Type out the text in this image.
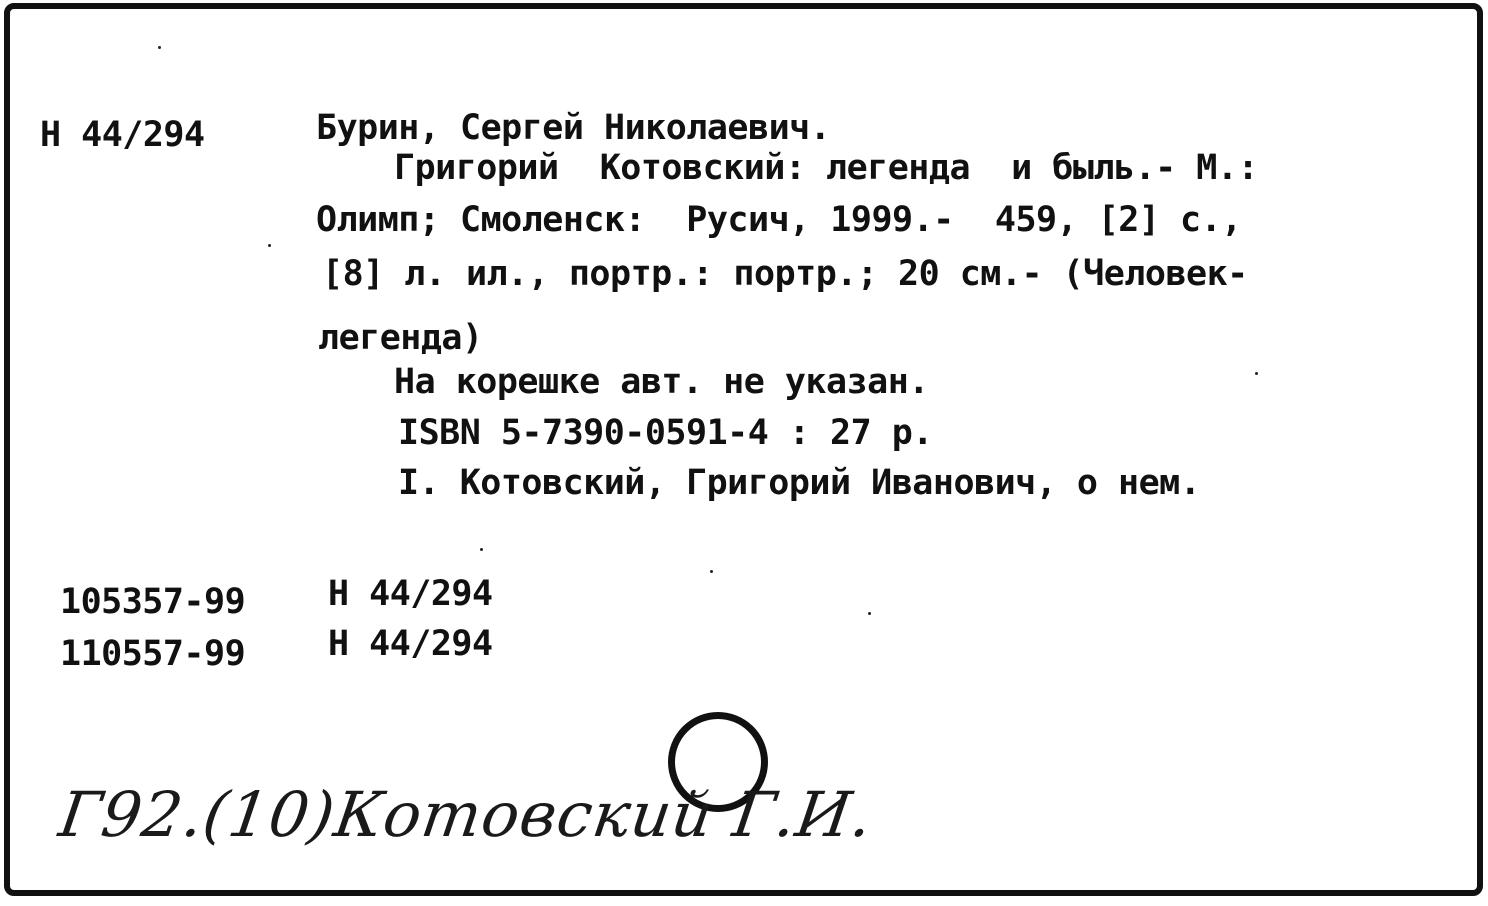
Н 44/294	Бурин, Сергей Николаевич.
Григорий  Котовский: легенда  и быль.- М.:
Олимп; Смоленск:  Русич, 1999.-  459, [2] с.,
[8] л. ил., портр.: портр.; 20 см.- (Человек-
легенда)
На корешке авт. не указан.
ISBN 5-7390-0591-4 : 27 р.
I. Котовский, Григорий Иванович, о нем.
105357-99 Н 44/294
110557-99 Н 44/294
Г92.(10)Котовский Г.И.
